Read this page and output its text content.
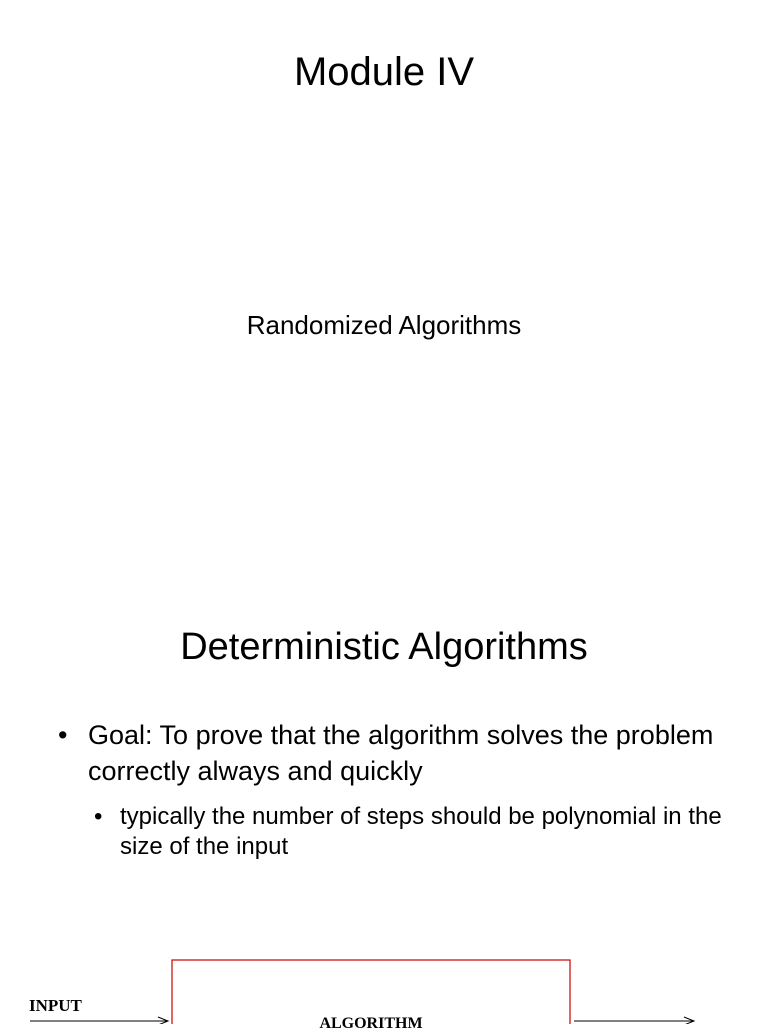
Module IV
Randomized Algorithms
Deterministic Algorithms
• Goal: To prove that the algorithm solves the problem correctly always and quickly
• typically the number of steps should be polynomial in the size of the input
INPUT
ALGORITHM
